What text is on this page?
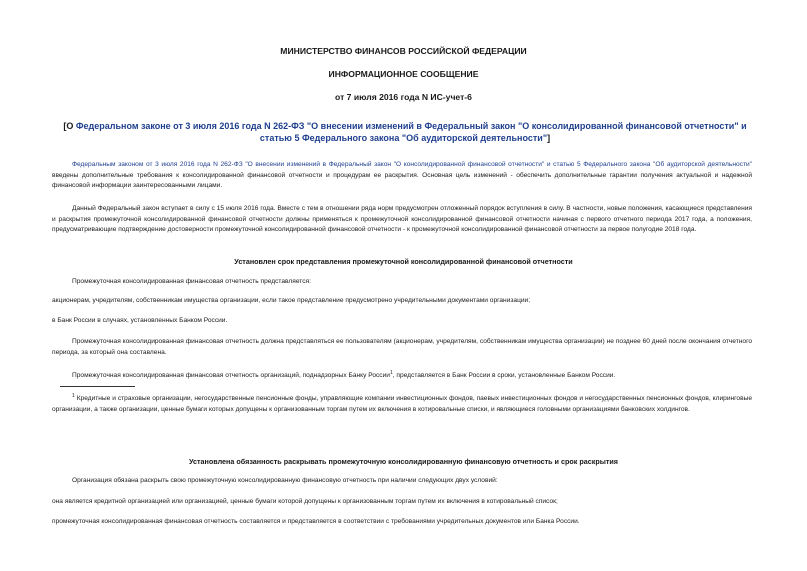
МИНИСТЕРСТВО ФИНАНСОВ РОССИЙСКОЙ ФЕДЕРАЦИИ
ИНФОРМАЦИОННОЕ СООБЩЕНИЕ
от 7 июля 2016 года N ИС-учет-6
[О Федеральном законе от 3 июля 2016 года N 262-ФЗ "О внесении изменений в Федеральный закон "О консолидированной финансовой отчетности" и статью 5 Федерального закона "Об аудиторской деятельности"]
Федеральным законом от 3 июля 2016 года N 262-ФЗ "О внесении изменений в Федеральный закон "О консолидированной финансовой отчетности" и статью 5 Федерального закона "Об аудиторской деятельности" введены дополнительные требования к консолидированной финансовой отчетности и процедурам ее раскрытия. Основная цель изменений - обеспечить дополнительные гарантии получения актуальной и надежной финансовой информации заинтересованными лицами.
Данный Федеральный закон вступает в силу с 15 июля 2016 года. Вместе с тем в отношении ряда норм предусмотрен отложенный порядок вступления в силу. В частности, новые положения, касающиеся представления и раскрытия промежуточной консолидированной финансовой отчетности должны применяться к промежуточной консолидированной финансовой отчетности начиная с первого отчетного периода 2017 года, а положения, предусматривающие подтверждение достоверности промежуточной консолидированной финансовой отчетности - к промежуточной консолидированной финансовой отчетности за первое полугодие 2018 года.
Установлен срок представления промежуточной консолидированной финансовой отчетности
Промежуточная консолидированная финансовая отчетность представляется:
акционерам, учредителям, собственникам имущества организации, если такое представление предусмотрено учредительными документами организации;
в Банк России в случаях, установленных Банком России.
Промежуточная консолидированная финансовая отчетность должна представляться ее пользователям (акционерам, учредителям, собственникам имущества организации) не позднее 60 дней после окончания отчетного периода, за который она составлена.
Промежуточная консолидированная финансовая отчетность организаций, поднадзорных Банку России$^1$, представляется в Банк России в сроки, установленные Банком России.
$^1$ Кредитные и страховые организации, негосударственные пенсионные фонды, управляющие компании инвестиционных фондов, паевых инвестиционных фондов и негосударственных пенсионных фондов, клиринговые организации, а также организации, ценные бумаги которых допущены к организованным торгам путем их включения в котировальные списки, и являющиеся головными организациями банковских холдингов.
Установлена обязанность раскрывать промежуточную консолидированную финансовую отчетность и срок раскрытия
Организация обязана раскрыть свою промежуточную консолидированную финансовую отчетность при наличии следующих двух условий:
она является кредитной организацией или организацией, ценные бумаги которой допущены к организованным торгам путем их включения в котировальный список;
промежуточная консолидированная финансовая отчетность составляется и представляется в соответствии с требованиями учредительных документов или Банка России.
